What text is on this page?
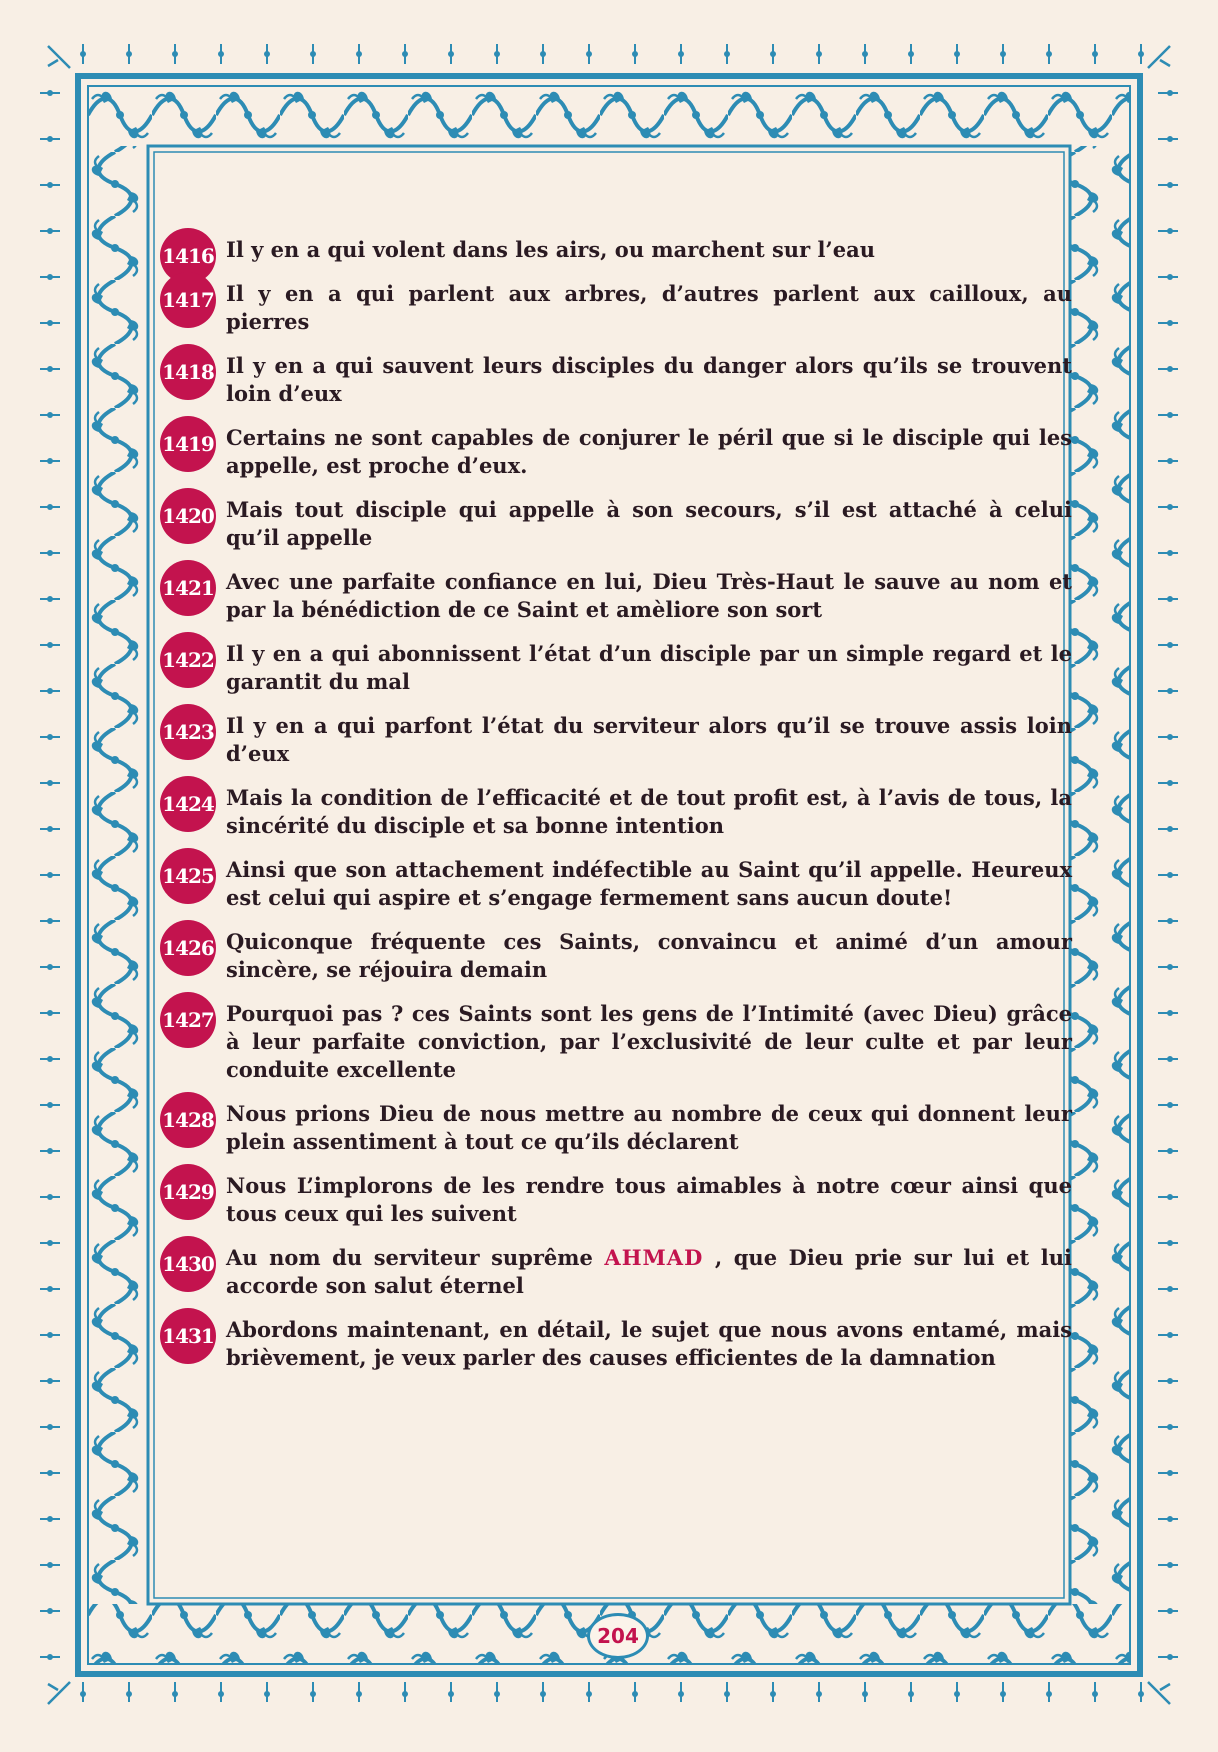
1416 Il y en a qui volent dans les airs, ou marchent sur l’eau

1417 Il y en a qui parlent aux arbres, d’autres parlent aux cailloux, au pierres

1418 Il y en a qui sauvent leurs disciples du danger alors qu’ils se trouvent loin d’eux

1419 Certains ne sont capables de conjurer le péril que si le disciple qui les appelle, est proche d’eux.

1420 Mais tout disciple qui appelle à son secours, s’il est attaché à celui qu’il appelle

1421 Avec une parfaite confiance en lui, Dieu Très-Haut le sauve au nom et par la bénédiction de ce Saint et amèliore son sort

1422 Il y en a qui abonnissent l’état d’un disciple par un simple regard et le garantit du mal

1423 Il y en a qui parfont l’état du serviteur alors qu’il se trouve assis loin d’eux

1424 Mais la condition de l’efficacité et de tout profit est, à l’avis de tous, la sincérité du disciple et sa bonne intention

1425 Ainsi que son attachement indéfectible au Saint qu’il appelle. Heureux est celui qui aspire et s’engage fermement sans aucun doute!

1426 Quiconque fréquente ces Saints, convaincu et animé d’un amour sincère, se réjouira demain

1427 Pourquoi pas ? ces Saints sont les gens de l’Intimité (avec Dieu) grâce à leur parfaite conviction, par l’exclusivité de leur culte et par leur conduite excellente

1428 Nous prions Dieu de nous mettre au nombre de ceux qui donnent leur plein assentiment à tout ce qu’ils déclarent

1429 Nous L’implorons de les rendre tous aimables à notre cœur ainsi que tous ceux qui les suivent

1430 Au nom du serviteur suprême AHMAD , que Dieu prie sur lui et lui accorde son salut éternel

1431 Abordons maintenant, en détail, le sujet que nous avons entamé, mais brièvement, je veux parler des causes efficientes de la damnation

204
